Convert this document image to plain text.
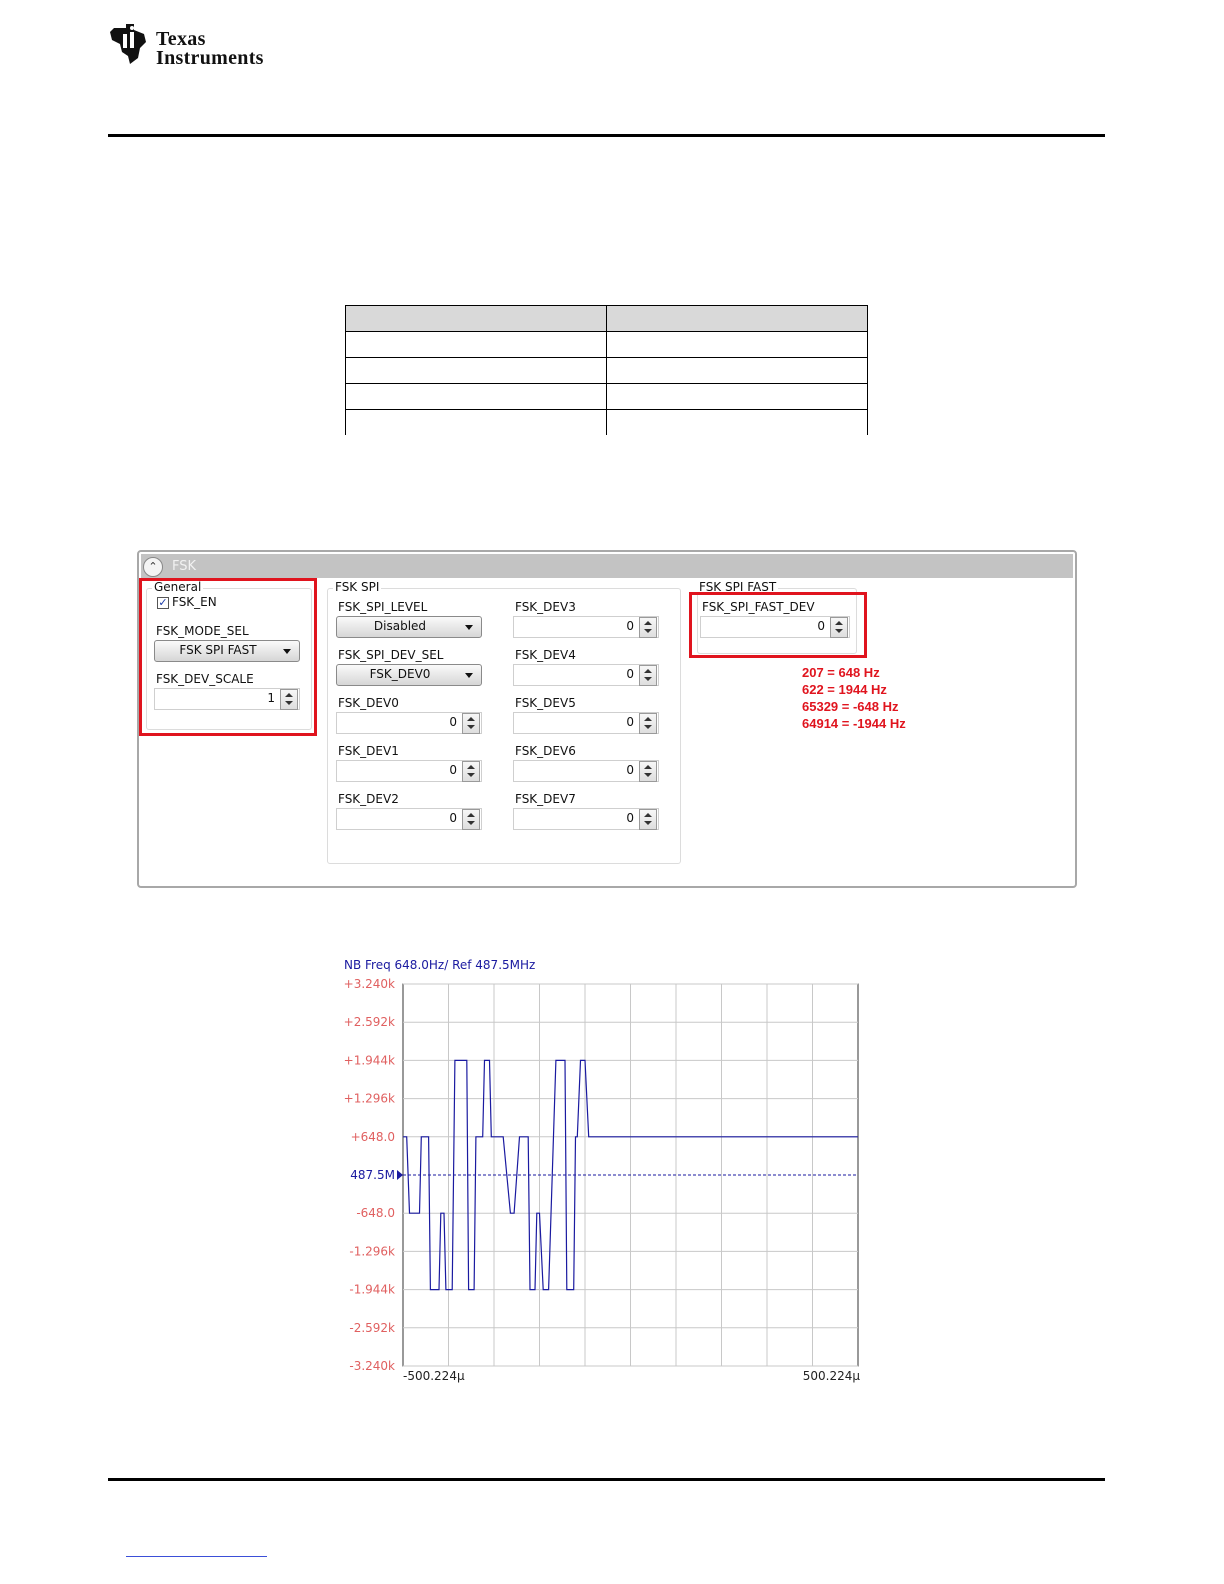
Texas
Instruments

⌃	FSK
General
✓ FSK_EN
FSK_MODE_SEL
FSK SPI FAST
FSK_DEV_SCALE
1
FSK SPI
FSK_SPI_LEVEL
Disabled
FSK_SPI_DEV_SEL
FSK_DEV0
FSK_DEV0
0
FSK_DEV1
0
FSK_DEV2
0
FSK_DEV3
0
FSK_DEV4
0
FSK_DEV5
0
FSK_DEV6
0
FSK_DEV7
0
FSK SPI FAST
FSK_SPI_FAST_DEV
0
207 = 648 Hz
622 = 1944 Hz
65329 = -648 Hz
64914 = -1944 Hz
NB Freq 648.0Hz/ Ref 487.5MHz
+3.240k
+2.592k
+1.944k
+1.296k
+648.0
-648.0
-1.296k
-1.944k
-2.592k
-3.240k
487.5M
-500.224μ	500.224μ
